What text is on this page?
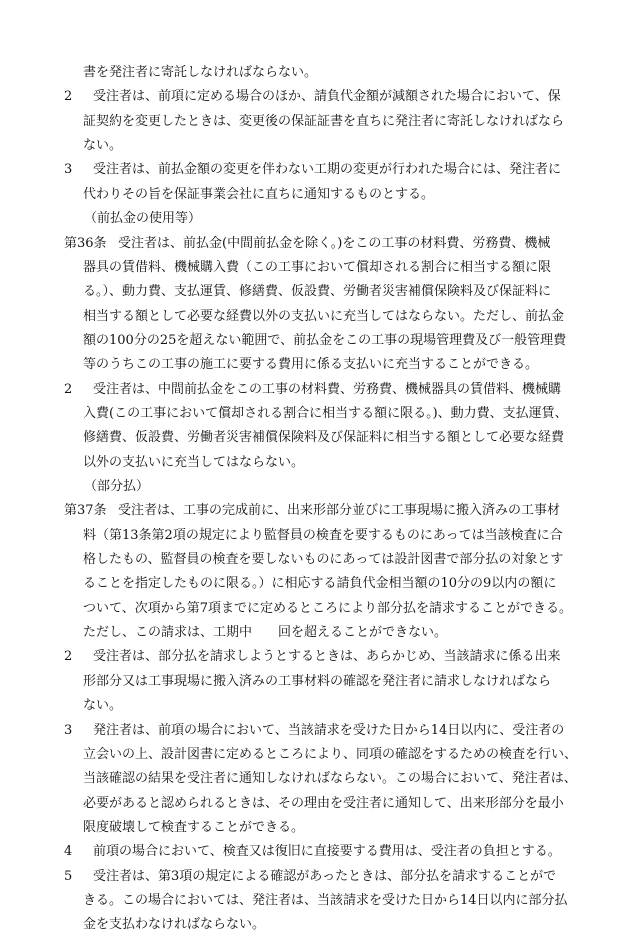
書を発注者に寄託しなければならない。
2 受注者は、前項に定める場合のほか、請負代金額が減額された場合において、保
証契約を変更したときは、変更後の保証証書を直ちに発注者に寄託しなければなら
ない。
3 受注者は、前払金額の変更を伴わない工期の変更が行われた場合には、発注者に
代わりその旨を保証事業会社に直ちに通知するものとする。
（前払金の使用等）
第36条 受注者は、前払金(中間前払金を除く。)をこの工事の材料費、労務費、機械
器具の賃借料、機械購入費（この工事において償却される割合に相当する額に限
る。）、動力費、支払運賃、修繕費、仮設費、労働者災害補償保険料及び保証料に
相当する額として必要な経費以外の支払いに充当してはならない。ただし、前払金
額の100分の25を超えない範囲で、前払金をこの工事の現場管理費及び一般管理費
等のうちこの工事の施工に要する費用に係る支払いに充当することができる。
2 受注者は、中間前払金をこの工事の材料費、労務費、機械器具の賃借料、機械購
入費(この工事において償却される割合に相当する額に限る。)、動力費、支払運賃、
修繕費、仮設費、労働者災害補償保険料及び保証料に相当する額として必要な経費
以外の支払いに充当してはならない。
（部分払）
第37条 受注者は、工事の完成前に、出来形部分並びに工事現場に搬入済みの工事材
料（第13条第2項の規定により監督員の検査を要するものにあっては当該検査に合
格したもの、監督員の検査を要しないものにあっては設計図書で部分払の対象とす
ることを指定したものに限る。）に相応する請負代金相当額の10分の9以内の額に
ついて、次項から第7項までに定めるところにより部分払を請求することができる。
ただし、この請求は、工期中　　回を超えることができない。
2 受注者は、部分払を請求しようとするときは、あらかじめ、当該請求に係る出来
形部分又は工事現場に搬入済みの工事材料の確認を発注者に請求しなければなら
ない。
3 発注者は、前項の場合において、当該請求を受けた日から14日以内に、受注者の
立会いの上、設計図書に定めるところにより、同項の確認をするための検査を行い、
当該確認の結果を受注者に通知しなければならない。この場合において、発注者は、
必要があると認められるときは、その理由を受注者に通知して、出来形部分を最小
限度破壊して検査することができる。
4 前項の場合において、検査又は復旧に直接要する費用は、受注者の負担とする。
5 受注者は、第3項の規定による確認があったときは、部分払を請求することがで
きる。この場合においては、発注者は、当該請求を受けた日から14日以内に部分払
金を支払わなければならない。
